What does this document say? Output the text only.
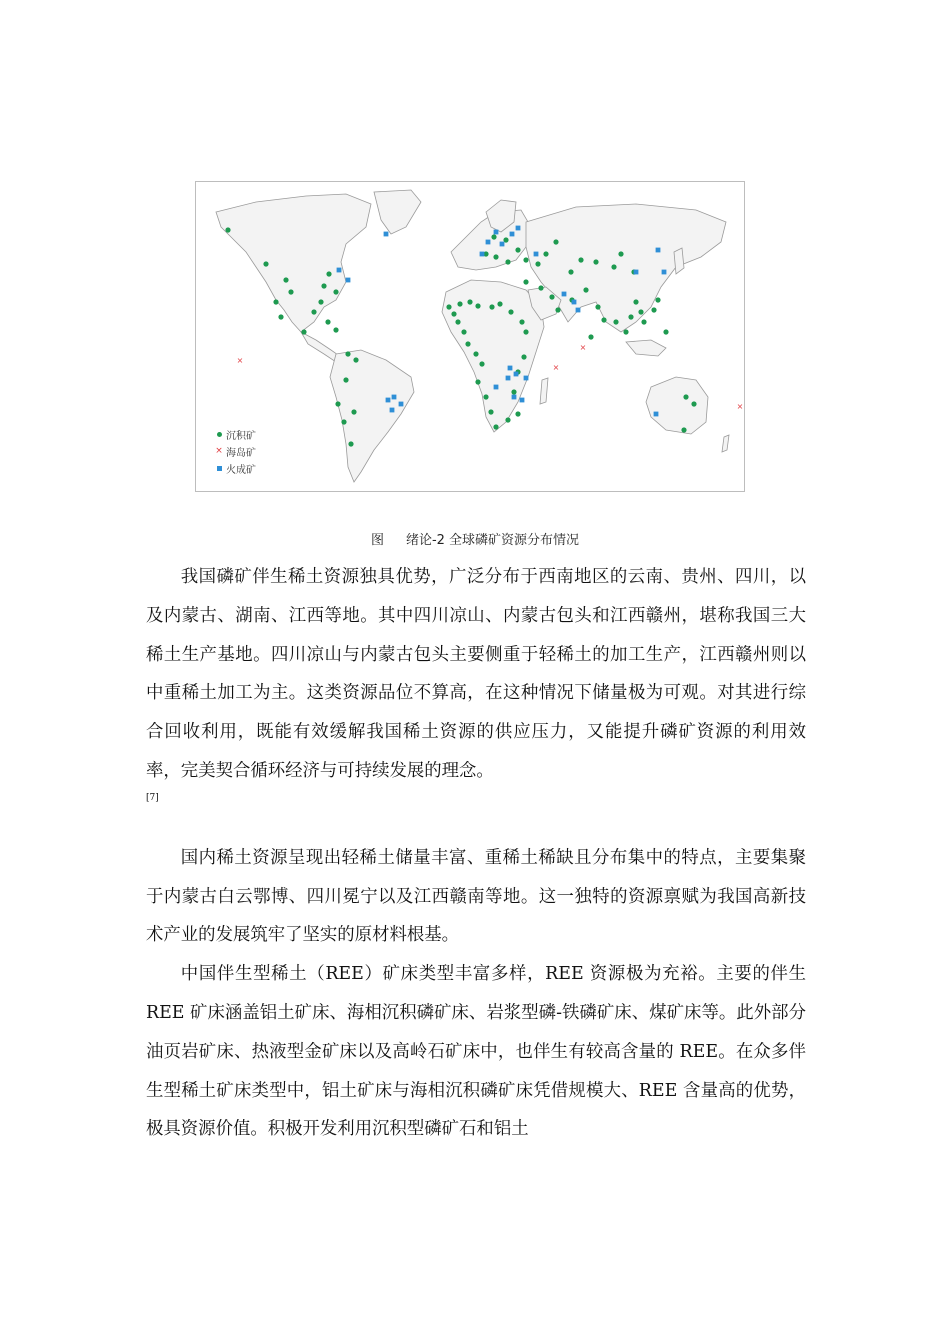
×
×
×
×
沉积矿
× 海岛矿
火成矿
图 绪论-2 全球磷矿资源分布情况

我国磷矿伴生稀土资源独具优势，广泛分布于西南地区的云南、贵州、四川，以及内蒙古、湖南、江西等地。其中四川凉山、内蒙古包头和江西赣州，堪称我国三大稀土生产基地。四川凉山与内蒙古包头主要侧重于轻稀土的加工生产，江西赣州则以中重稀土加工为主。这类资源品位不算高，在这种情况下储量极为可观。对其进行综合回收利用，既能有效缓解我国稀土资源的供应压力，又能提升磷矿资源的利用效率，完美契合循环经济与可持续发展的理念。

[7]

国内稀土资源呈现出轻稀土储量丰富、重稀土稀缺且分布集中的特点，主要集聚于内蒙古白云鄂博、四川冕宁以及江西赣南等地。这一独特的资源禀赋为我国高新技术产业的发展筑牢了坚实的原材料根基。

中国伴生型稀土（REE）矿床类型丰富多样，REE 资源极为充裕。主要的伴生 REE 矿床涵盖铝土矿床、海相沉积磷矿床、岩浆型磷-铁磷矿床、煤矿床等。此外部分油页岩矿床、热液型金矿床以及高岭石矿床中，也伴生有较高含量的 REE。在众多伴生型稀土矿床类型中，铝土矿床与海相沉积磷矿床凭借规模大、REE 含量高的优势，极具资源价值。积极开发利用沉积型磷矿石和铝土
